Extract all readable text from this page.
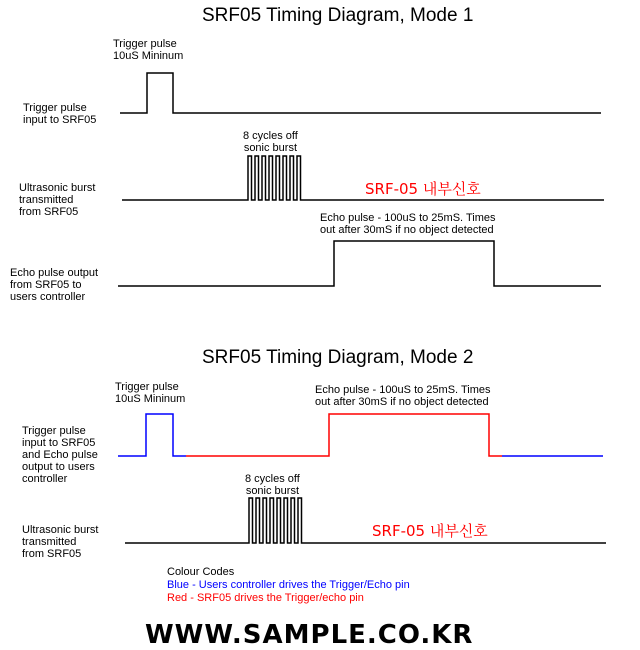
SRF05 Timing Diagram, Mode 1
Trigger pulse
10uS Mininum
Trigger pulse
input to SRF05
8 cycles off
sonic burst
Ultrasonic burst
transmitted
from SRF05
SRF-05 내부신호
Echo pulse - 100uS to 25mS. Times
out after 30mS if no object detected
Echo pulse output
from SRF05 to
users controller
SRF05 Timing Diagram, Mode 2
Trigger pulse
10uS Mininum
Echo pulse - 100uS to 25mS. Times
out after 30mS if no object detected
Trigger pulse
input to SRF05
and Echo pulse
output to users
controller	8 cycles off
sonic burst
Ultrasonic burst
transmitted
from SRF05
SRF-05 내부신호
Colour Codes
Blue - Users controller drives the Trigger/Echo pin
Red - SRF05 drives the Trigger/echo pin
WWW.SAMPLE.CO.KR
